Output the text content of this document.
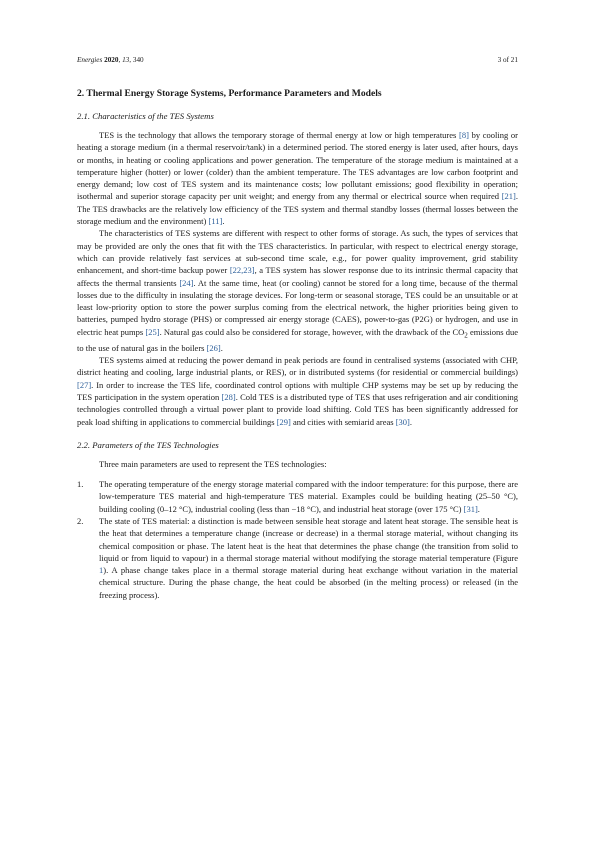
Energies 2020, 13, 340	3 of 21
2. Thermal Energy Storage Systems, Performance Parameters and Models
2.1. Characteristics of the TES Systems

TES is the technology that allows the temporary storage of thermal energy at low or high temperatures [8] by cooling or heating a storage medium (in a thermal reservoir/tank) in a determined period. The stored energy is later used, after hours, days or months, in heating or cooling applications and power generation. The temperature of the storage medium is maintained at a temperature higher (hotter) or lower (colder) than the ambient temperature. The TES advantages are low carbon footprint and energy demand; low cost of TES system and its maintenance costs; low pollutant emissions; good flexibility in operation; isothermal and superior storage capacity per unit weight; and energy from any thermal or electrical source when required [21]. The TES drawbacks are the relatively low efficiency of the TES system and thermal standby losses (thermal losses between the storage medium and the environment) [11].

The characteristics of TES systems are different with respect to other forms of storage. As such, the types of services that may be provided are only the ones that fit with the TES characteristics. In particular, with respect to electrical energy storage, which can provide relatively fast services at sub-second time scale, e.g., for power quality improvement, grid stability enhancement, and short-time backup power [22,23], a TES system has slower response due to its intrinsic thermal capacity that affects the thermal transients [24]. At the same time, heat (or cooling) cannot be stored for a long time, because of the thermal losses due to the difficulty in insulating the storage devices. For long-term or seasonal storage, TES could be an unsuitable or at least low-priority option to store the power surplus coming from the electrical network, the higher priorities being given to batteries, pumped hydro storage (PHS) or compressed air energy storage (CAES), power-to-gas (P2G) or hydrogen, and use in electric heat pumps [25]. Natural gas could also be considered for storage, however, with the drawback of the $CO_2$ emissions due to the use of natural gas in the boilers [26].

TES systems aimed at reducing the power demand in peak periods are found in centralised systems (associated with CHP, district heating and cooling, large industrial plants, or RES), or in distributed systems (for residential or commercial buildings) [27]. In order to increase the TES life, coordinated control options with multiple CHP systems may be set up by reducing the TES participation in the system operation [28]. Cold TES is a distributed type of TES that uses refrigeration and air conditioning technologies controlled through a virtual power plant to provide load shifting. Cold TES has been significantly addressed for peak load shifting in applications to commercial buildings [29] and cities with semiarid areas [30].

2.2. Parameters of the TES Technologies

Three main parameters are used to represent the TES technologies:

1. The operating temperature of the energy storage material compared with the indoor temperature: for this purpose, there are low-temperature TES material and high-temperature TES material. Examples could be building heating (25–50 °C), building cooling (0–12 °C), industrial cooling (less than −18 °C), and industrial heat storage (over 175 °C) [31].
2. The state of TES material: a distinction is made between sensible heat storage and latent heat storage. The sensible heat is the heat that determines a temperature change (increase or decrease) in a thermal storage material, without changing its chemical composition or phase. The latent heat is the heat that determines the phase change (the transition from solid to liquid or from liquid to vapour) in a thermal storage material without modifying the storage material temperature (Figure 1). A phase change takes place in a thermal storage material during heat exchange without variation in the material chemical structure. During the phase change, the heat could be absorbed (in the melting process) or released (in the freezing process).
